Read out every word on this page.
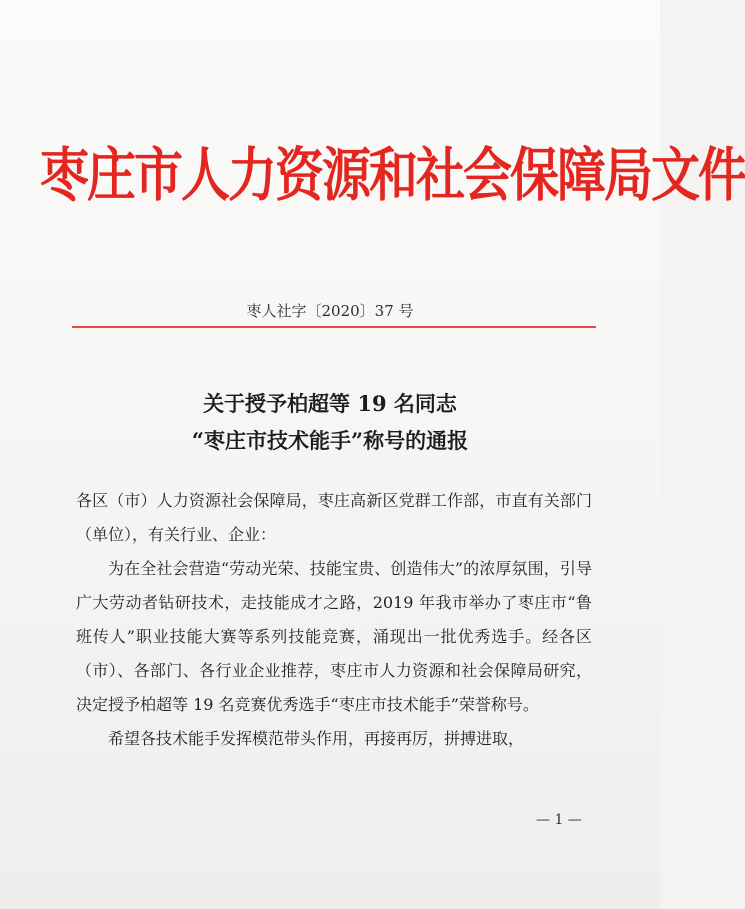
枣庄市人力资源和社会保障局文件
枣人社字〔2020〕37 号
关于授予柏超等 19 名同志
“枣庄市技术能手”称号的通报

各区（市）人力资源社会保障局，枣庄高新区党群工作部，市直有关部门（单位），有关行业、企业：

为在全社会营造“劳动光荣、技能宝贵、创造伟大”的浓厚氛围，引导广大劳动者钻研技术，走技能成才之路，2019 年我市举办了枣庄市“鲁班传人”职业技能大赛等系列技能竞赛，涌现出一批优秀选手。经各区（市）、各部门、各行业企业推荐，枣庄市人力资源和社会保障局研究，决定授予柏超等 19 名竞赛优秀选手“枣庄市技术能手”荣誉称号。

希望各技术能手发挥模范带头作用，再接再厉，拼搏进取，

— 1 —
